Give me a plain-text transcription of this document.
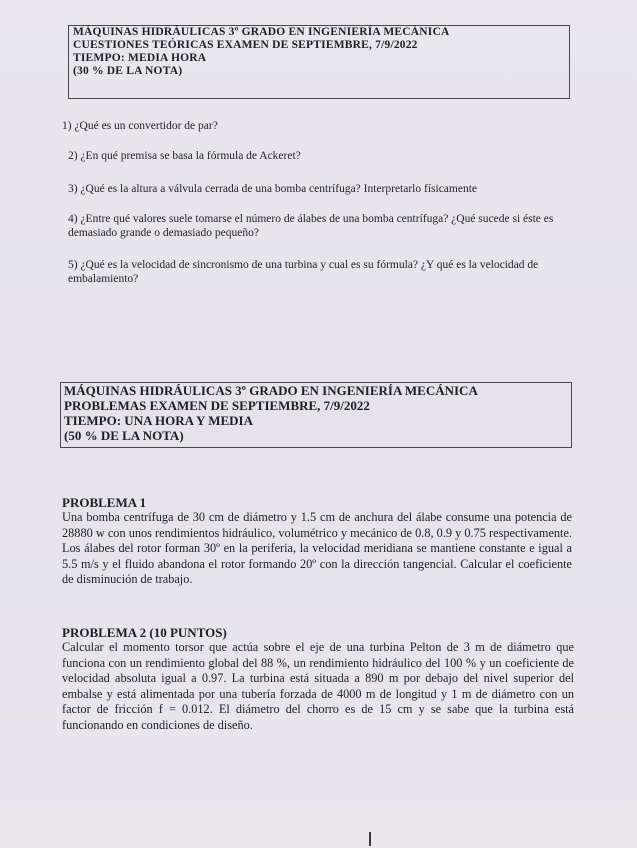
MÁQUINAS HIDRÁULICAS 3º GRADO EN INGENIERÍA MECÁNICA
CUESTIONES TEÓRICAS EXAMEN DE SEPTIEMBRE, 7/9/2022
TIEMPO: MEDIA HORA
(30 % DE LA NOTA)
1) ¿Qué es un convertidor de par?
2) ¿En qué premisa se basa la fórmula de Ackeret?
3) ¿Qué es la altura a válvula cerrada de una bomba centrífuga? Interpretarlo físicamente
4) ¿Entre qué valores suele tomarse el número de álabes de una bomba centrífuga? ¿Qué sucede si éste es demasiado grande o demasiado pequeño?
5) ¿Qué es la velocidad de sincronismo de una turbina y cual es su fórmula? ¿Y qué es la velocidad de embalamiento?
MÁQUINAS HIDRÁULICAS 3º GRADO EN INGENIERÍA MECÁNICA
PROBLEMAS EXAMEN DE SEPTIEMBRE, 7/9/2022
TIEMPO: UNA HORA Y MEDIA
(50 % DE LA NOTA)
PROBLEMA 1
Una bomba centrífuga de 30 cm de diámetro y 1.5 cm de anchura del álabe consume una potencia de 28880 w con unos rendimientos hidráulico, volumétrico y mecánico de 0.8, 0.9 y 0.75 respectivamente. Los álabes del rotor forman 30º en la periferia, la velocidad meridiana se mantiene constante e igual a 5.5 m/s y el fluido abandona el rotor formando 20º con la dirección tangencial. Calcular el coeficiente de disminución de trabajo.
PROBLEMA 2 (10 PUNTOS)
Calcular el momento torsor que actúa sobre el eje de una turbina Pelton de 3 m de diámetro que funciona con un rendimiento global del 88 %, un rendimiento hidráulico del 100 % y un coeficiente de velocidad absoluta igual a 0.97. La turbina está situada a 890 m por debajo del nivel superior del embalse y está alimentada por una tubería forzada de 4000 m de longitud y 1 m de diámetro con un factor de fricción f = 0.012. El diámetro del chorro es de 15 cm y se sabe que la turbina está funcionando en condiciones de diseño.
